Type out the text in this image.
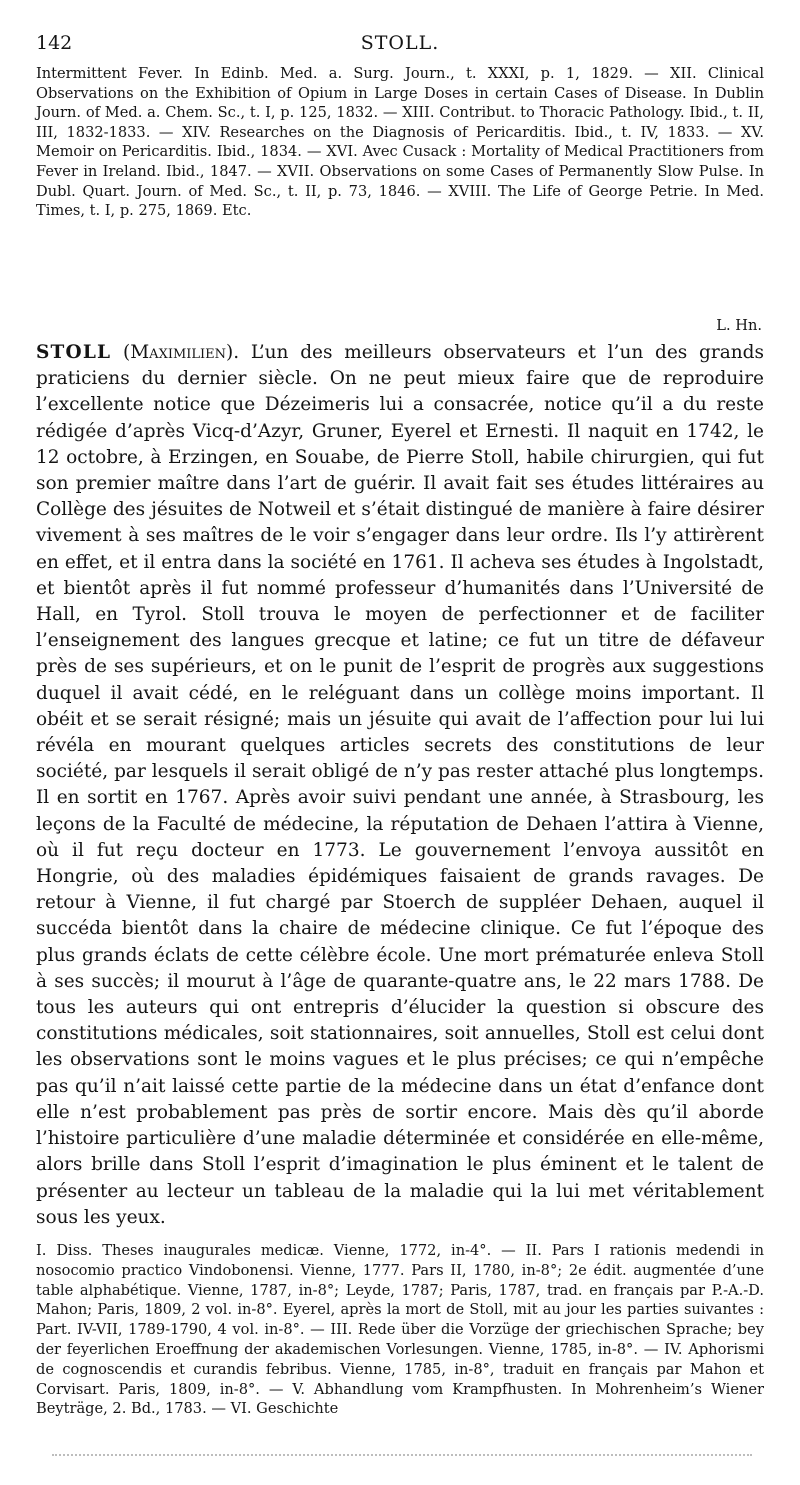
142	STOLL.
Intermittent Fever. In Edinb. Med. a. Surg. Journ., t. XXXI, p. 1, 1829. — XII. Clinical Observations on the Exhibition of Opium in Large Doses in certain Cases of Disease. In Dublin Journ. of Med. a. Chem. Sc., t. I, p. 125, 1832. — XIII. Contribut. to Thoracic Pathology. Ibid., t. II, III, 1832-1833. — XIV. Researches on the Diagnosis of Pericarditis. Ibid., t. IV, 1833. — XV. Memoir on Pericarditis. Ibid., 1834. — XVI. Avec Cusack : Mortality of Medical Practitioners from Fever in Ireland. Ibid., 1847. — XVII. Observations on some Cases of Permanently Slow Pulse. In Dubl. Quart. Journ. of Med. Sc., t. II, p. 73, 1846. — XVIII. The Life of George Petrie. In Med. Times, t. I, p. 275, 1869. Etc.
L. Hn.
STOLL (Maximilien). L’un des meilleurs observateurs et l’un des grands praticiens du dernier siècle. On ne peut mieux faire que de reproduire l’excellente notice que Dézeimeris lui a consacrée, notice qu’il a du reste rédigée d’après Vicq-d’Azyr, Gruner, Eyerel et Ernesti. Il naquit en 1742, le 12 octobre, à Erzingen, en Souabe, de Pierre Stoll, habile chirurgien, qui fut son premier maître dans l’art de guérir. Il avait fait ses études littéraires au Collège des jésuites de Notweil et s’était distingué de manière à faire désirer vivement à ses maîtres de le voir s’engager dans leur ordre. Ils l’y attirèrent en effet, et il entra dans la société en 1761. Il acheva ses études à Ingolstadt, et bientôt après il fut nommé professeur d’humanités dans l’Université de Hall, en Tyrol. Stoll trouva le moyen de perfectionner et de faciliter l’enseignement des langues grecque et latine; ce fut un titre de défaveur près de ses supérieurs, et on le punit de l’esprit de progrès aux suggestions duquel il avait cédé, en le reléguant dans un collège moins important. Il obéit et se serait résigné; mais un jésuite qui avait de l’affection pour lui lui révéla en mourant quelques articles secrets des constitutions de leur société, par lesquels il serait obligé de n’y pas rester attaché plus longtemps. Il en sortit en 1767. Après avoir suivi pendant une année, à Strasbourg, les leçons de la Faculté de médecine, la réputation de Dehaen l’attira à Vienne, où il fut reçu docteur en 1773. Le gouvernement l’envoya aussitôt en Hongrie, où des maladies épidémiques faisaient de grands ravages. De retour à Vienne, il fut chargé par Stoerch de suppléer Dehaen, auquel il succéda bientôt dans la chaire de médecine clinique. Ce fut l’époque des plus grands éclats de cette célèbre école. Une mort prématurée enleva Stoll à ses succès; il mourut à l’âge de quarante-quatre ans, le 22 mars 1788. De tous les auteurs qui ont entrepris d’élucider la question si obscure des constitutions médicales, soit stationnaires, soit annuelles, Stoll est celui dont les observations sont le moins vagues et le plus précises; ce qui n’empêche pas qu’il n’ait laissé cette partie de la médecine dans un état d’enfance dont elle n’est probablement pas près de sortir encore. Mais dès qu’il aborde l’histoire particulière d’une maladie déterminée et considérée en elle-même, alors brille dans Stoll l’esprit d’imagination le plus éminent et le talent de présenter au lecteur un tableau de la maladie qui la lui met véritablement sous les yeux.
I. Diss. Theses inaugurales medicæ. Vienne, 1772, in-4°. — II. Pars I rationis medendi in nosocomio practico Vindobonensi. Vienne, 1777. Pars II, 1780, in-8°; 2e édit. augmentée d’une table alphabétique. Vienne, 1787, in-8°; Leyde, 1787; Paris, 1787, trad. en français par P.-A.-D. Mahon; Paris, 1809, 2 vol. in-8°. Eyerel, après la mort de Stoll, mit au jour les parties suivantes : Part. IV-VII, 1789-1790, 4 vol. in-8°. — III. Rede über die Vorzüge der griechischen Sprache; bey der feyerlichen Eroeffnung der akademischen Vorlesungen. Vienne, 1785, in-8°. — IV. Aphorismi de cognoscendis et curandis febribus. Vienne, 1785, in-8°, traduit en français par Mahon et Corvisart. Paris, 1809, in-8°. — V. Abhandlung vom Krampfhusten. In Mohrenheim’s Wiener Beyträge, 2. Bd., 1783. — VI. Geschichte
